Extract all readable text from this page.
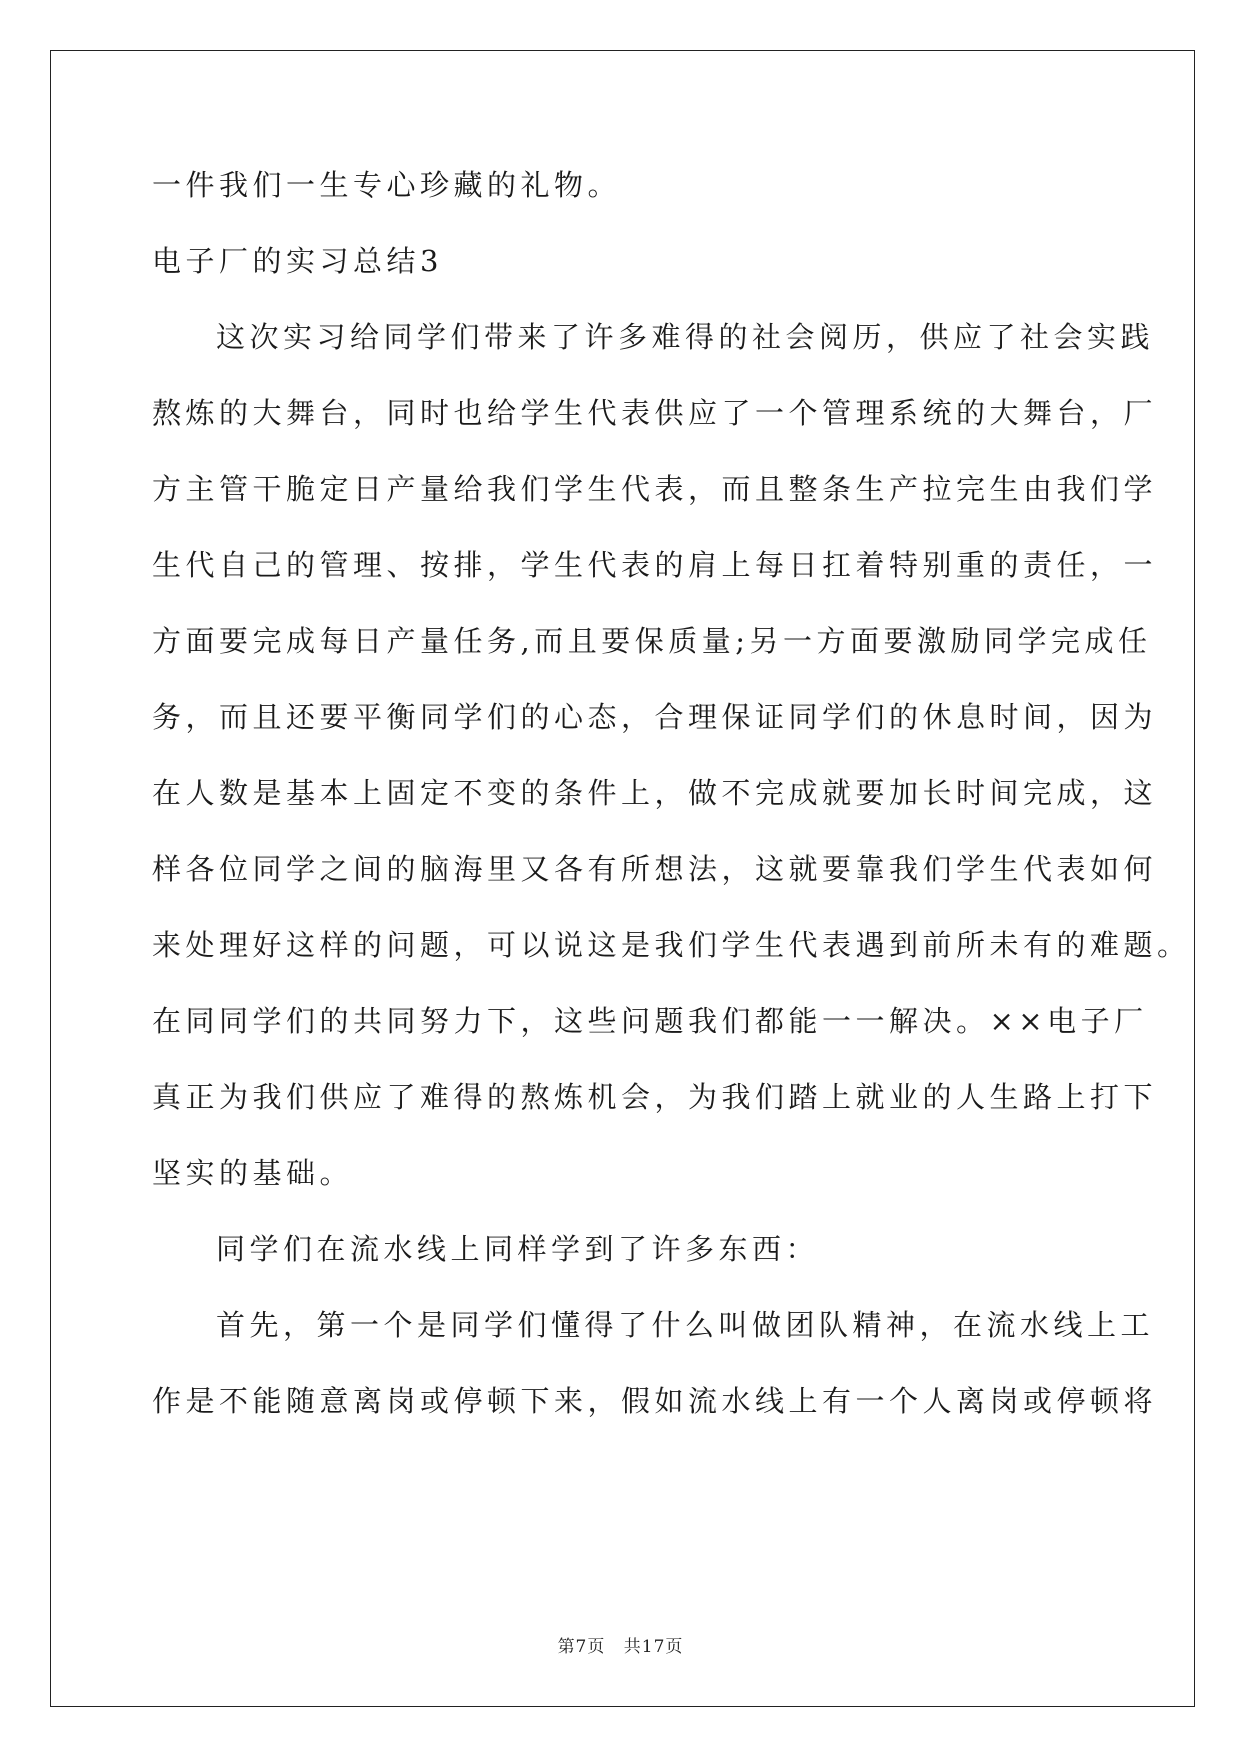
一件我们一生专心珍藏的礼物。
电子厂的实习总结3
这次实习给同学们带来了许多难得的社会阅历，供应了社会实践
熬炼的大舞台，同时也给学生代表供应了一个管理系统的大舞台，厂
方主管干脆定日产量给我们学生代表，而且整条生产拉完生由我们学
生代自己的管理、按排，学生代表的肩上每日扛着特别重的责任，一
方面要完成每日产量任务,而且要保质量;另一方面要激励同学完成任
务，而且还要平衡同学们的心态，合理保证同学们的休息时间，因为
在人数是基本上固定不变的条件上，做不完成就要加长时间完成，这
样各位同学之间的脑海里又各有所想法，这就要靠我们学生代表如何
来处理好这样的问题，可以说这是我们学生代表遇到前所未有的难题。
在同同学们的共同努力下，这些问题我们都能一一解决。××电子厂
真正为我们供应了难得的熬炼机会，为我们踏上就业的人生路上打下
坚实的基础。
同学们在流水线上同样学到了许多东西：
首先，第一个是同学们懂得了什么叫做团队精神，在流水线上工
作是不能随意离岗或停顿下来，假如流水线上有一个人离岗或停顿将
第7页 共17页
